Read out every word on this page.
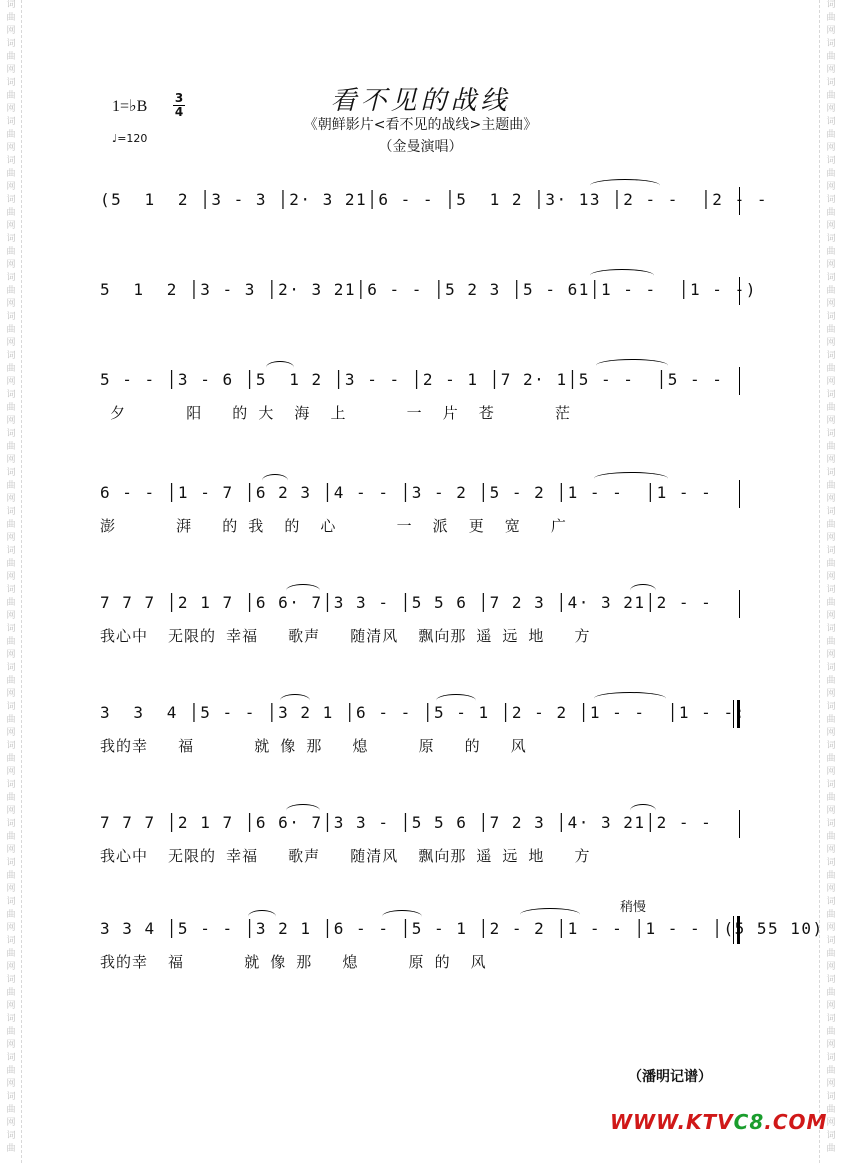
词
曲
网
词
曲
网
词
曲
网
词
曲
网
词
曲
网
词
曲
网
词
曲
网
词
曲
网
词
曲
网
词
曲
网
词
曲
网
词
曲
网
词
曲
网
词
曲
网
词
曲
网
词
曲
网
词
曲
网
词
曲
网
词
曲
网
词
曲
网
词
曲
网
词
曲
网
词
曲
网
词
曲
网
词
曲
网
词
曲
网
词
曲
网
词
曲
网
词
曲
网
词
曲
词
曲
网
词
曲
网
词
曲
网
词
曲
网
词
曲
网
词
曲
网
词
曲
网
词
曲
网
词
曲
网
词
曲
网
词
曲
网
词
曲
网
词
曲
网
词
曲
网
词
曲
网
词
曲
网
词
曲
网
词
曲
网
词
曲
网
词
曲
网
词
曲
网
词
曲
网
词
曲
网
词
曲
网
词
曲
网
词
曲
网
词
曲
网
词
曲
网
词
曲
网
词
曲
1=♭B 3
4
♩=120
看不见的战线
《朝鲜影片<看不见的战线>主题曲》
（金曼演唱）
(5  1  2 │3 - 3 │2· 3 21│6 - - │5  1 2 │3· 13 │2 - -  │2 - -
5  1  2 │3 - 3 │2· 3 21│6 - - │5 2 3 │5 - 61│1 - -  │1 - -)
5 - - │3 - 6 │5  1 2 │3 - - │2 - 1 │7 2· 1│5 - -  │5 - -
夕      阳   的 大  海  上      一  片  苍      茫
6 - - │1 - 7 │6 2 3 │4 - - │3 - 2 │5 - 2 │1 - -  │1 - -
澎      湃   的 我  的  心      一  派  更  宽   广
7 7 7 │2 1 7 │6 6· 7│3 3 - │5 5 6 │7 2 3 │4· 3 21│2 - -
我心中  无限的 幸福   歌声   随清风  飘向那 遥 远 地   方
3  3  4 │5 - - │3 2 1 │6 - - │5 - 1 │2 - 2 │1 - -  │1 - -:
我的幸   福      就 像 那   熄     原   的   风
7 7 7 │2 1 7 │6 6· 7│3 3 - │5 5 6 │7 2 3 │4· 3 21│2 - -
我心中  无限的 幸福   歌声   随清风  飘向那 遥 远 地   方
3 3 4 │5 - - │3 2 1 │6 - - │5 - 1 │2 - 2 │1 - - │1 - - │(5 55 10)
我的幸  福      就 像 那   熄     原 的  风
稍慢
（潘明记谱）
WWW.KTVC8.COM
